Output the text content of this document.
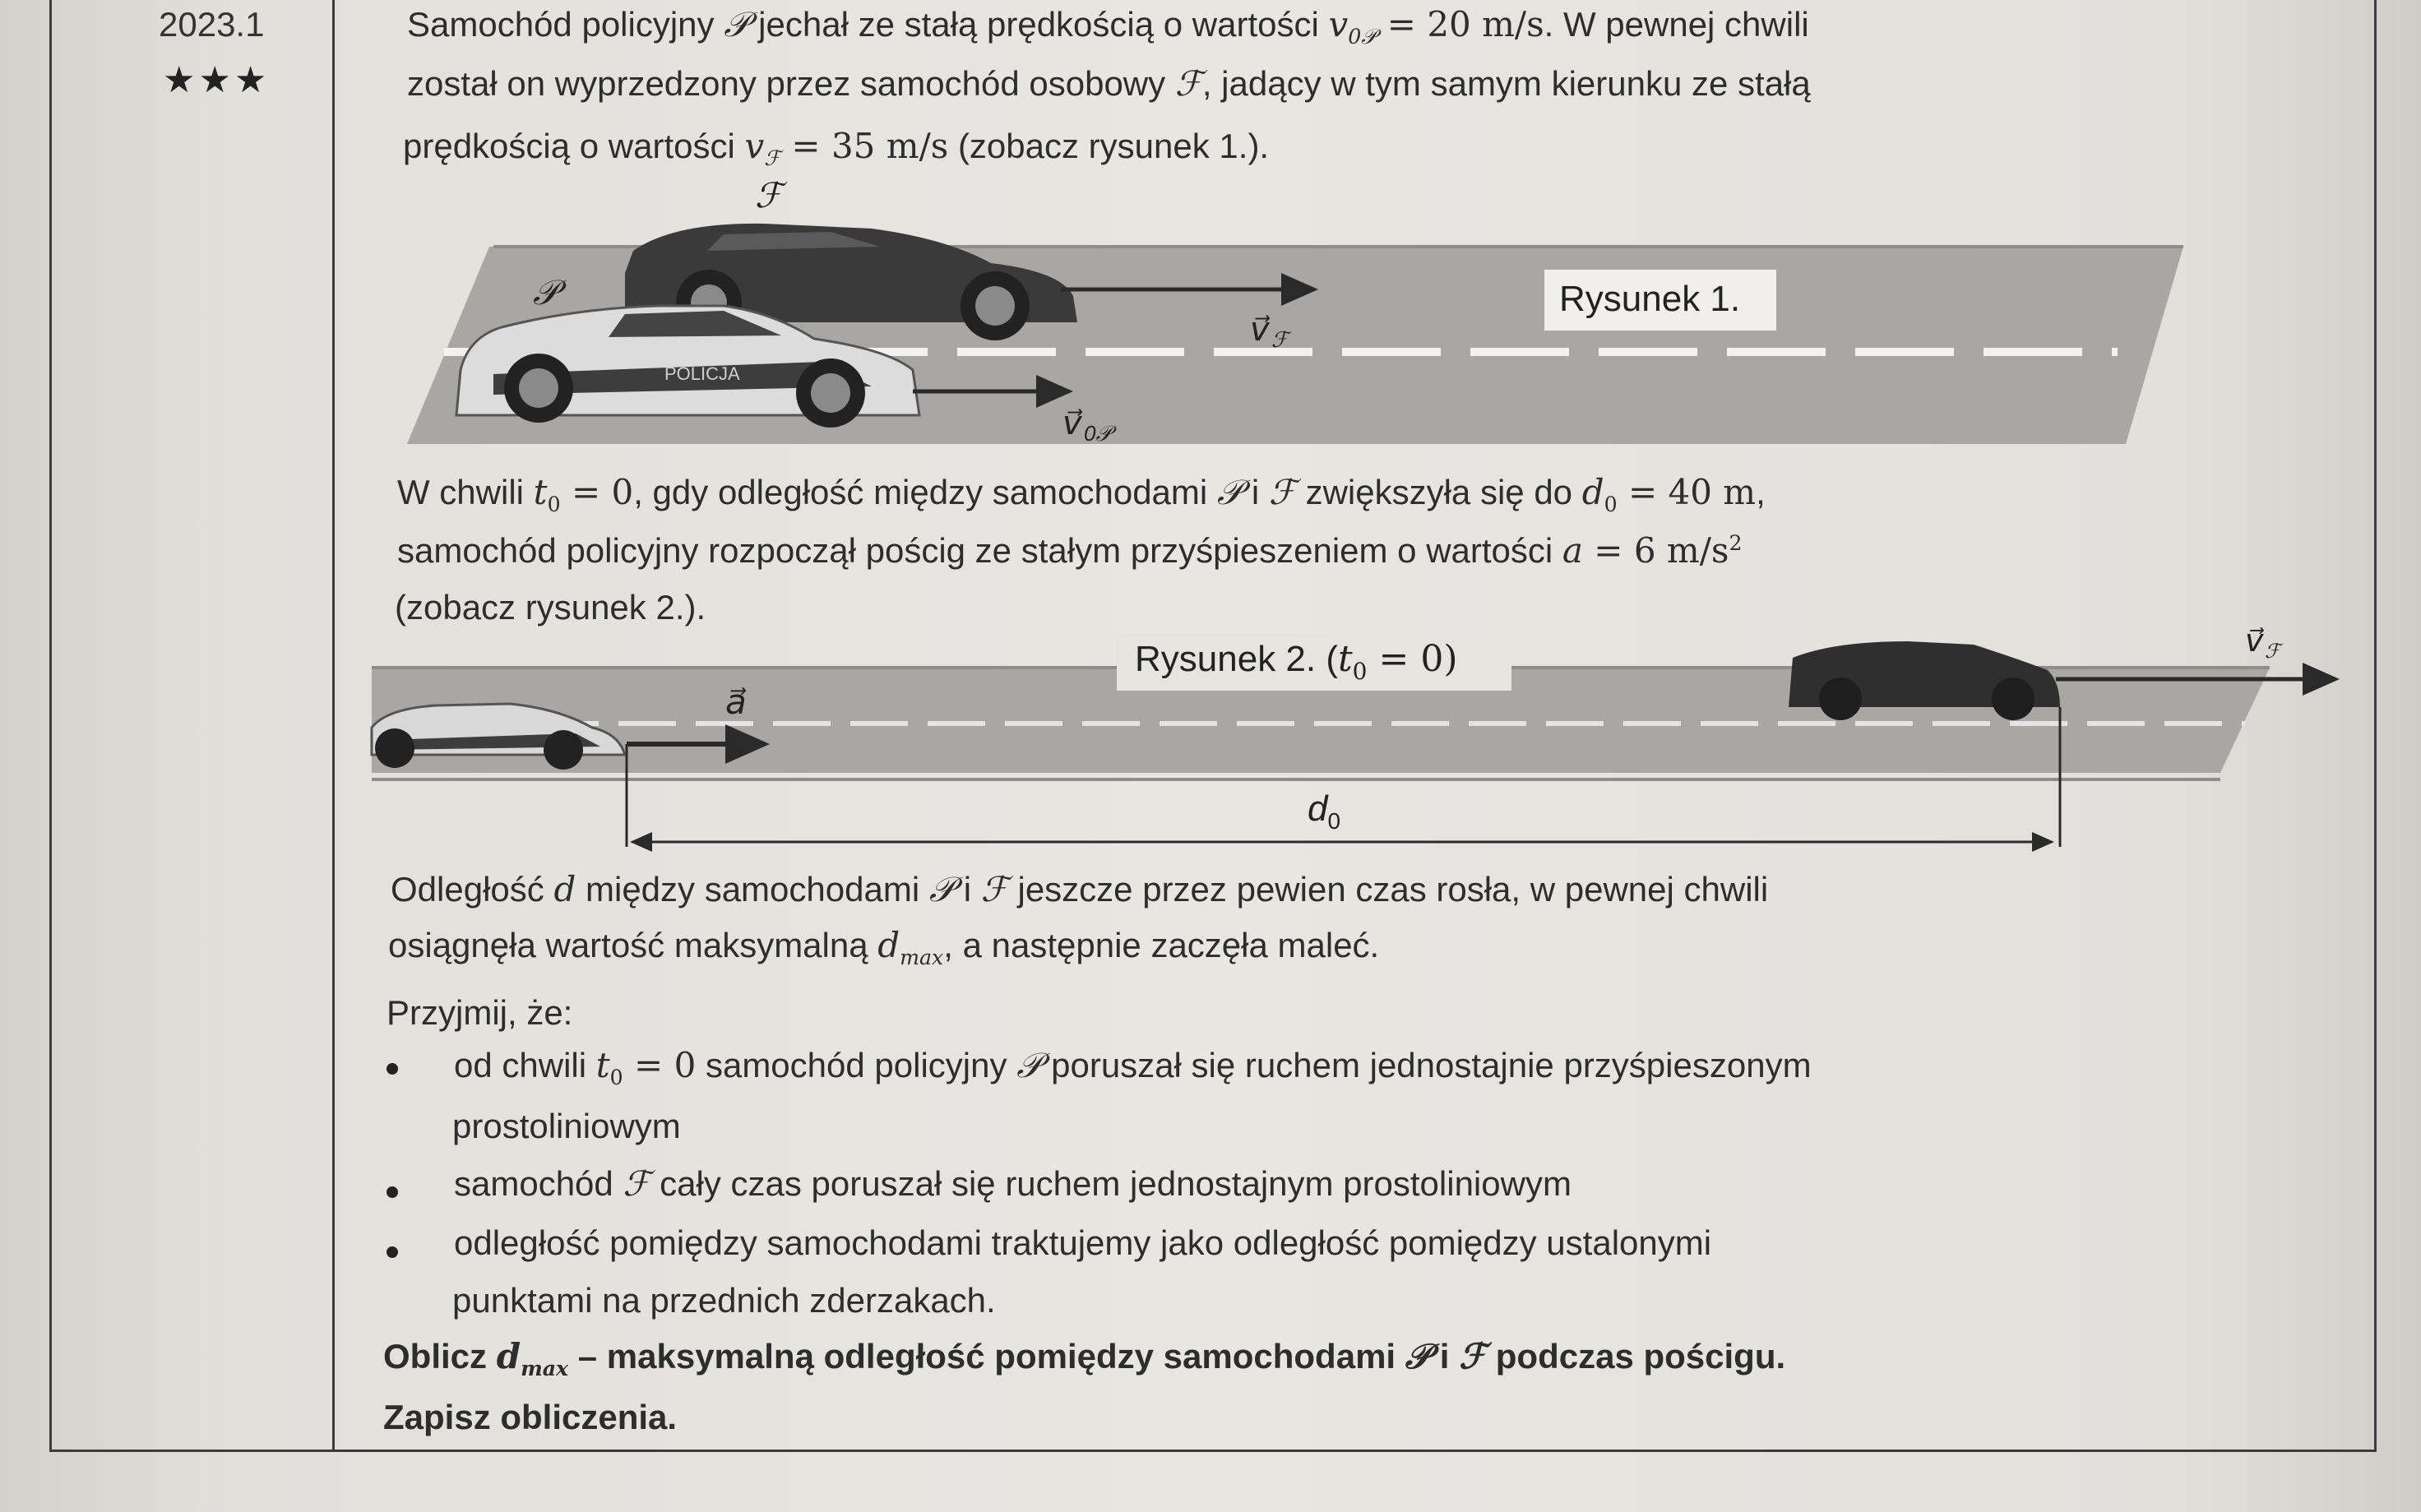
2023.1
★★★
Samochód policyjny 𝒫 jechał ze stałą prędkością o wartości $v_{0𝒫} = 20$ m/s. W pewnej chwili
został on wyprzedzony przez samochód osobowy ℱ, jadący w tym samym kierunku ze stałą
prędkością o wartości $v_ℱ = 35$ m/s (zobacz rysunek 1.).
POLICJA
ℱ
𝒫
v⃗ ℱ
v⃗ 0𝒫
Rysunek 1.
Rysunek 2. $(t_0 = 0)$
a⃗
v⃗ ℱ
$d_0$
W chwili $t_0 = 0$, gdy odległość między samochodami 𝒫 i ℱ zwiększyła się do $d_0 = 40$ m,
samochód policyjny rozpoczął pościg ze stałym przyśpieszeniem o wartości a = 6 $m/s^2$
(zobacz rysunek 2.).
Odległość d między samochodami 𝒫 i ℱ jeszcze przez pewien czas rosła, w pewnej chwili
osiągnęła wartość maksymalną $d_{max}$, a następnie zaczęła maleć.
Przyjmij, że:
od chwili $t_0 = 0$ samochód policyjny 𝒫 poruszał się ruchem jednostajnie przyśpieszonym
prostoliniowym
samochód ℱ cały czas poruszał się ruchem jednostajnym prostoliniowym
odległość pomiędzy samochodami traktujemy jako odległość pomiędzy ustalonymi
punktami na przednich zderzakach.
Oblicz $d_{max}$ – maksymalną odległość pomiędzy samochodami 𝒫 i ℱ podczas pościgu.
Zapisz obliczenia.
